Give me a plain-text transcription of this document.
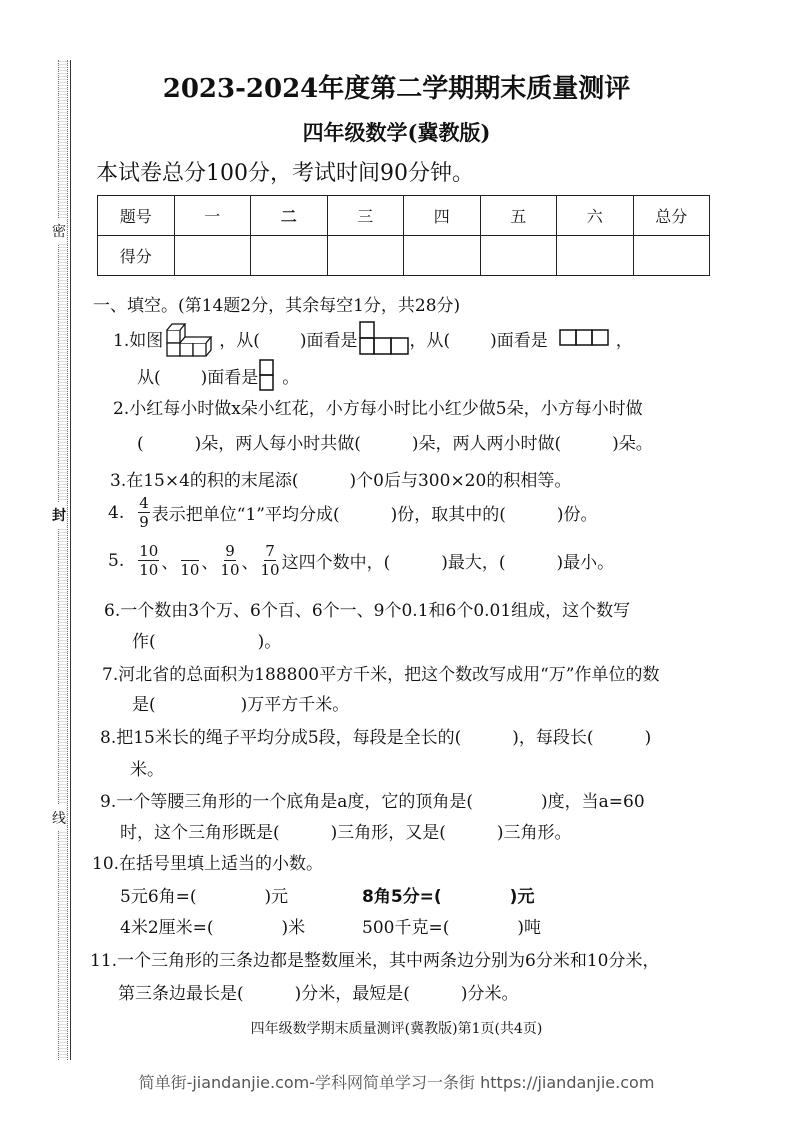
密
封
线
2023-2024年度第二学期期末质量测评
四年级数学(冀教版)
本试卷总分100分，考试时间90分钟。
题号	一	二	三	四	五	六	总分
得分							
一、填空。(第14题2分，其余每空1分，共28分)
1.如图	，从( )面看是	，从( )面看是	，
从( )面看是 。
2.小红每小时做x朵小红花，小方每小时比小红少做5朵，小方每小时做
(　　　)朵，两人每小时共做(　　　)朵，两人两小时做(　　　)朵。
3.在15×4的积的末尾添(　　　)个0后与300×20的积相等。
4. $\frac{4}{9}$ 表示把单位“1”平均分成(　　　)份，取其中的(　　　)份。
5. $\frac{10}{10}$ 、 10 、 $\frac{9}{10}$ 、 $\frac{7}{10}$ 这四个数中，(　　　)最大，(　　　)最小。
6.一个数由3个万、6个百、6个一、9个0.1和6个0.01组成，这个数写
作(　　　　　　)。
7.河北省的总面积为188800平方千米，把这个数改写成用“万”作单位的数
是(　　　　　)万平方千米。
8.把15米长的绳子平均分成5段，每段是全长的(　　　)，每段长(　　　)
米。
9.一个等腰三角形的一个底角是a度，它的顶角是(　　　　)度，当a=60
时，这个三角形既是(　　　)三角形，又是(　　　)三角形。
10.在括号里填上适当的小数。
5元6角=(　　　　)元	8角5分=(　　　　)元
4米2厘米=(　　　　)米	500千克=(　　　　)吨
11.一个三角形的三条边都是整数厘米，其中两条边分别为6分米和10分米，
第三条边最长是(　　　)分米，最短是(　　　)分米。
四年级数学期末质量测评(冀教版)第1页(共4页)
简单街-jiandanjie.com-学科网简单学习一条街 https://jiandanjie.com
